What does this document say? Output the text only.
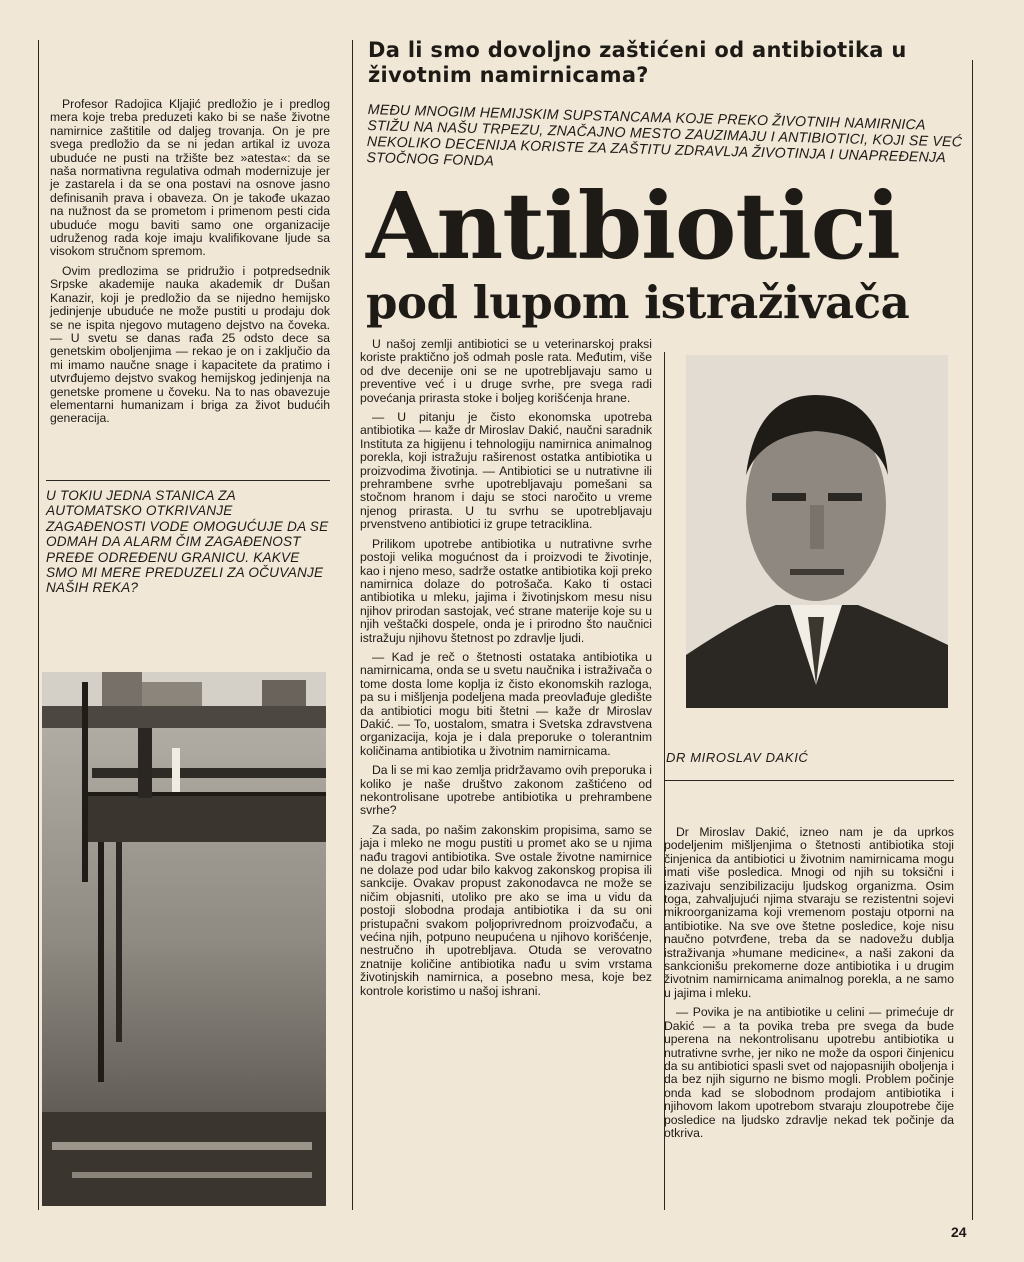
Da li smo dovoljno zaštićeni od antibiotika u životnim namirnicama?
MEĐU MNOGIM HEMIJSKIM SUPSTANCAMA KOJE PREKO ŽIVOTNIH NAMIRNICA STIŽU NA NAŠU TRPEZU, ZNAČAJNO MESTO ZAUZIMAJU I ANTIBIOTICI, KOJI SE VEĆ NEKOLIKO DECENIJA KORISTE ZA ZAŠTITU ZDRAVLJA ŽIVOTINJA I UNAPREĐENJA STOČNOG FONDA
Antibiotici
pod lupom istraživača

Profesor Radojica Kljajić predložio je i predlog mera koje treba preduzeti kako bi se naše životne namirnice zaštitile od daljeg trovanja. On je pre svega predložio da se ni jedan artikal iz uvoza ubuduće ne pusti na tržište bez »atesta«: da se naša normativna regulativa odmah modernizuje jer je zastarela i da se ona postavi na osnove jasno definisanih prava i obaveza. On je takođe ukazao na nužnost da se prometom i primenom pesti cida ubuduće mogu baviti samo one organizacije udruženog rada koje imaju kvalifikovane ljude sa visokom stručnom spremom.

Ovim predlozima se pridružio i potpredsednik Srpske akademije nauka akademik dr Dušan Kanazir, koji je predložio da se nijedno hemijsko jedinjenje ubuduće ne može pustiti u prodaju dok se ne ispita njegovo mutageno dejstvo na čoveka. — U svetu se danas rađa 25 odsto dece sa genetskim oboljenjima — rekao je on i zaključio da mi imamo naučne snage i kapacitete da pratimo i utvrđujemo dejstvo svakog hemijskog jedinjenja na genetske promene u čoveku. Na to nas obavezuje elementarni humanizam i briga za život budućih generacija.

U TOKIU JEDNA STANICA ZA AUTOMATSKO OTKRIVANJE ZAGAĐENOSTI VODE OMOGUĆUJE DA SE ODMAH DA ALARM ČIM ZAGAĐENOST PREĐE ODREĐENU GRANICU. KAKVE SMO MI MERE PREDUZELI ZA OČUVANJE NAŠIH REKA?

U našoj zemlji antibiotici se u veterinarskoj praksi koriste praktično još odmah posle rata. Međutim, više od dve decenije oni se ne upotrebljavaju samo u preventive već i u druge svrhe, pre svega radi povećanja prirasta stoke i boljeg korišćenja hrane.

— U pitanju je čisto ekonomska upotreba antibiotika — kaže dr Miroslav Dakić, naučni saradnik Instituta za higijenu i tehnologiju namirnica animalnog porekla, koji istražuju raširenost ostatka antibiotika u proizvodima životinja. — Antibiotici se u nutrativne ili prehrambene svrhe upotrebljavaju pomešani sa stočnom hranom i daju se stoci naročito u vreme njenog prirasta. U tu svrhu se upotrebljavaju prvenstveno antibiotici iz grupe tetraciklina.

Prilikom upotrebe antibiotika u nutrativne svrhe postoji velika mogućnost da i proizvodi te životinje, kao i njeno meso, sadrže ostatke antibiotika koji preko namirnica dolaze do potrošača. Kako ti ostaci antibiotika u mleku, jajima i životinjskom mesu nisu njihov prirodan sastojak, već strane materije koje su u njih veštački dospele, onda je i prirodno što naučnici istražuju njihovu štetnost po zdravlje ljudi.

— Kad je reč o štetnosti ostataka antibiotika u namirnicama, onda se u svetu naučnika i istraživača o tome dosta lome koplja iz čisto ekonomskih razloga, pa su i mišljenja podeljena mada preovlađuje gledište da antibiotici mogu biti štetni — kaže dr Miroslav Dakić. — To, uostalom, smatra i Svetska zdravstvena organizacija, koja je i dala preporuke o tolerantnim količinama antibiotika u životnim namirnicama.

Da li se mi kao zemlja pridržavamo ovih preporuka i koliko je naše društvo zakonom zaštićeno od nekontrolisane upotrebe antibiotika u prehrambene svrhe?

Za sada, po našim zakonskim propisima, samo se jaja i mleko ne mogu pustiti u promet ako se u njima nađu tragovi antibiotika. Sve ostale životne namirnice ne dolaze pod udar bilo kakvog zakonskog propisa ili sankcije. Ovakav propust zakonodavca ne može se ničim objasniti, utoliko pre ako se ima u vidu da postoji slobodna prodaja antibiotika i da su oni pristupačni svakom poljoprivrednom proizvođaču, a većina njih, potpuno neupućena u njihovo korišćenje, nestručno ih upotrebljava. Otuda se verovatno znatnije količine antibiotika nađu u svim vrstama životinjskih namirnica, a posebno mesa, koje bez kontrole koristimo u našoj ishrani.

DR MIROSLAV DAKIĆ

Dr Miroslav Dakić, izneo nam je da uprkos podeljenim mišljenjima o štetnosti antibiotika stoji činjenica da antibiotici u životnim namirnicama mogu imati više posledica. Mnogi od njih su toksični i izazivaju senzibilizaciju ljudskog organizma. Osim toga, zahvaljujući njima stvaraju se rezistentni sojevi mikroorganizama koji vremenom postaju otporni na antibiotike. Na sve ove štetne posledice, koje nisu naučno potvrđene, treba da se nadovežu dublja istraživanja »humane medicine«, a naši zakoni da sankcionišu prekomerne doze antibiotika i u drugim životnim namirnicama animalnog porekla, a ne samo u jajima i mleku.

— Povika je na antibiotike u celini — primećuje dr Dakić — a ta povika treba pre svega da bude uperena na nekontrolisanu upotrebu antibiotika u nutrativne svrhe, jer niko ne može da ospori činjenicu da su antibiotici spasli svet od najopasnijih oboljenja i da bez njih sigurno ne bismo mogli. Problem počinje onda kad se slobodnom prodajom antibiotika i njihovom lakom upotrebom stvaraju zloupotrebe čije posledice na ljudsko zdravlje nekad tek počinje da otkriva.

24
